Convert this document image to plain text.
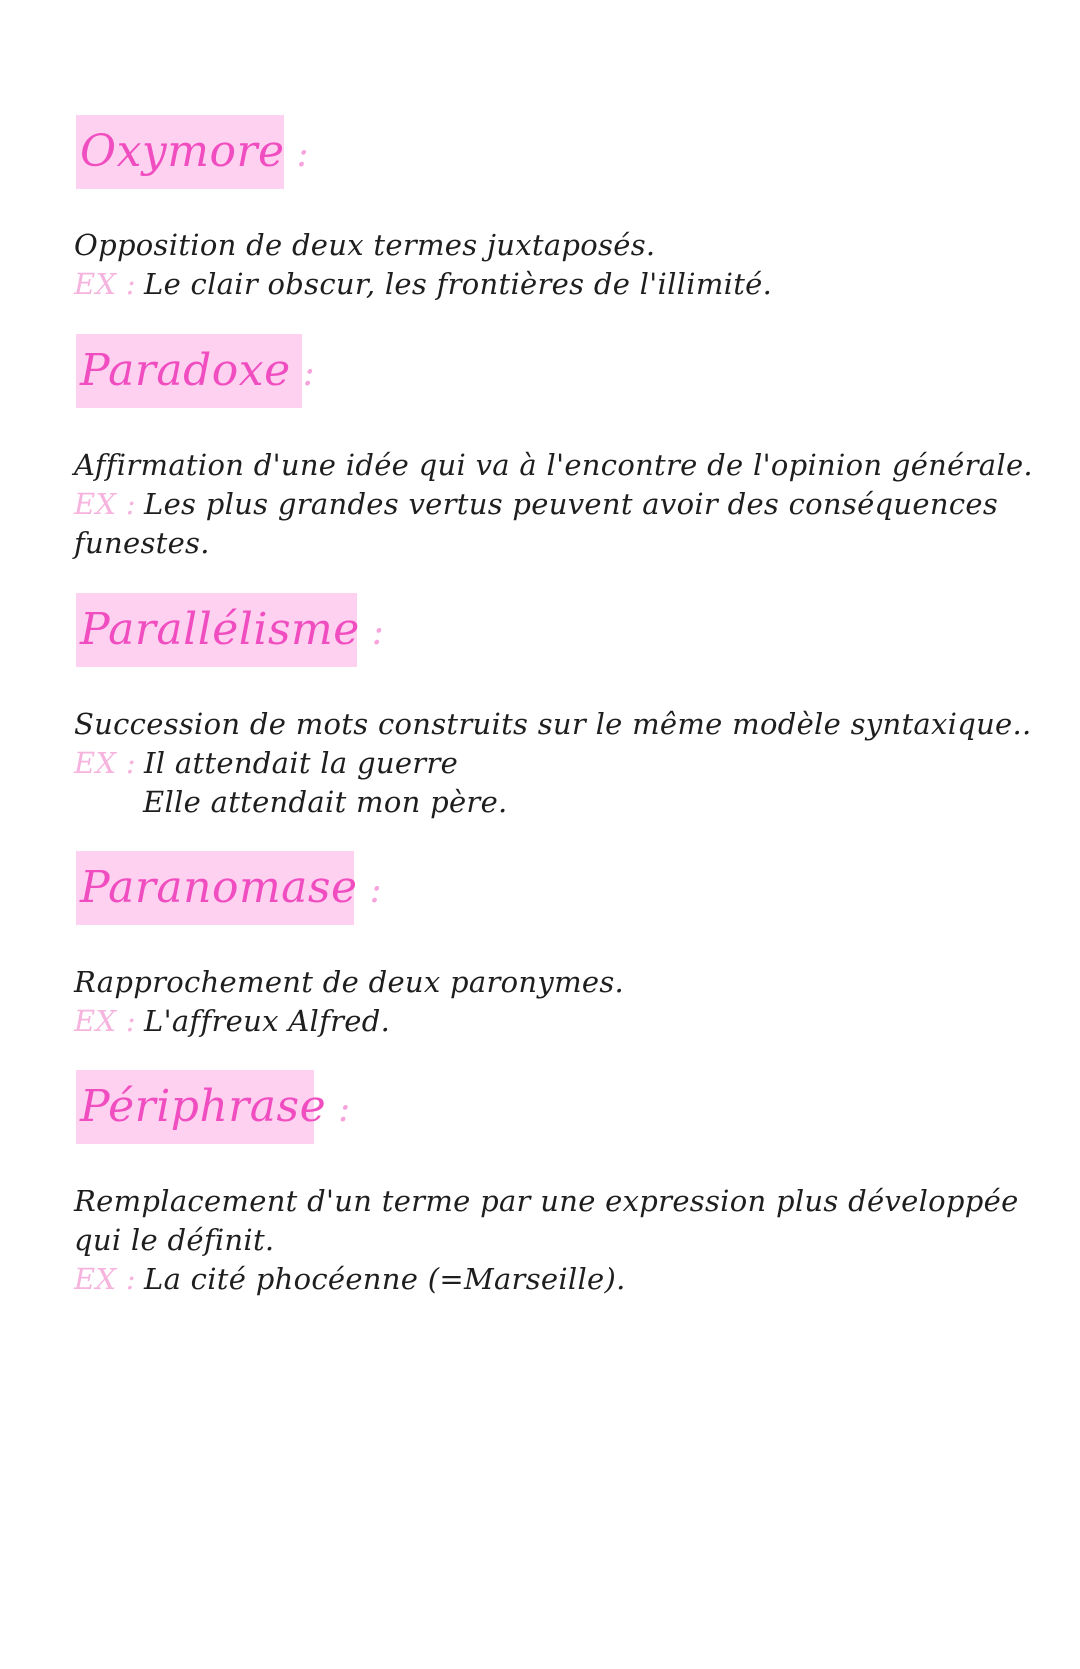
Oxymore :
Opposition de deux termes juxtaposés.
EX : Le clair obscur, les frontières de l'illimité.
Paradoxe :
Affirmation d'une idée qui va à l'encontre de l'opinion générale.
EX : Les plus grandes vertus peuvent avoir des conséquences
funestes.
Parallélisme :
Succession de mots construits sur le même modèle syntaxique..
EX : Il attendait la guerre
Elle attendait mon père.
Paranomase :
Rapprochement de deux paronymes.
EX : L'affreux Alfred.
Périphrase :
Remplacement d'un terme par une expression plus développée
qui le définit.
EX : La cité phocéenne (=Marseille).
